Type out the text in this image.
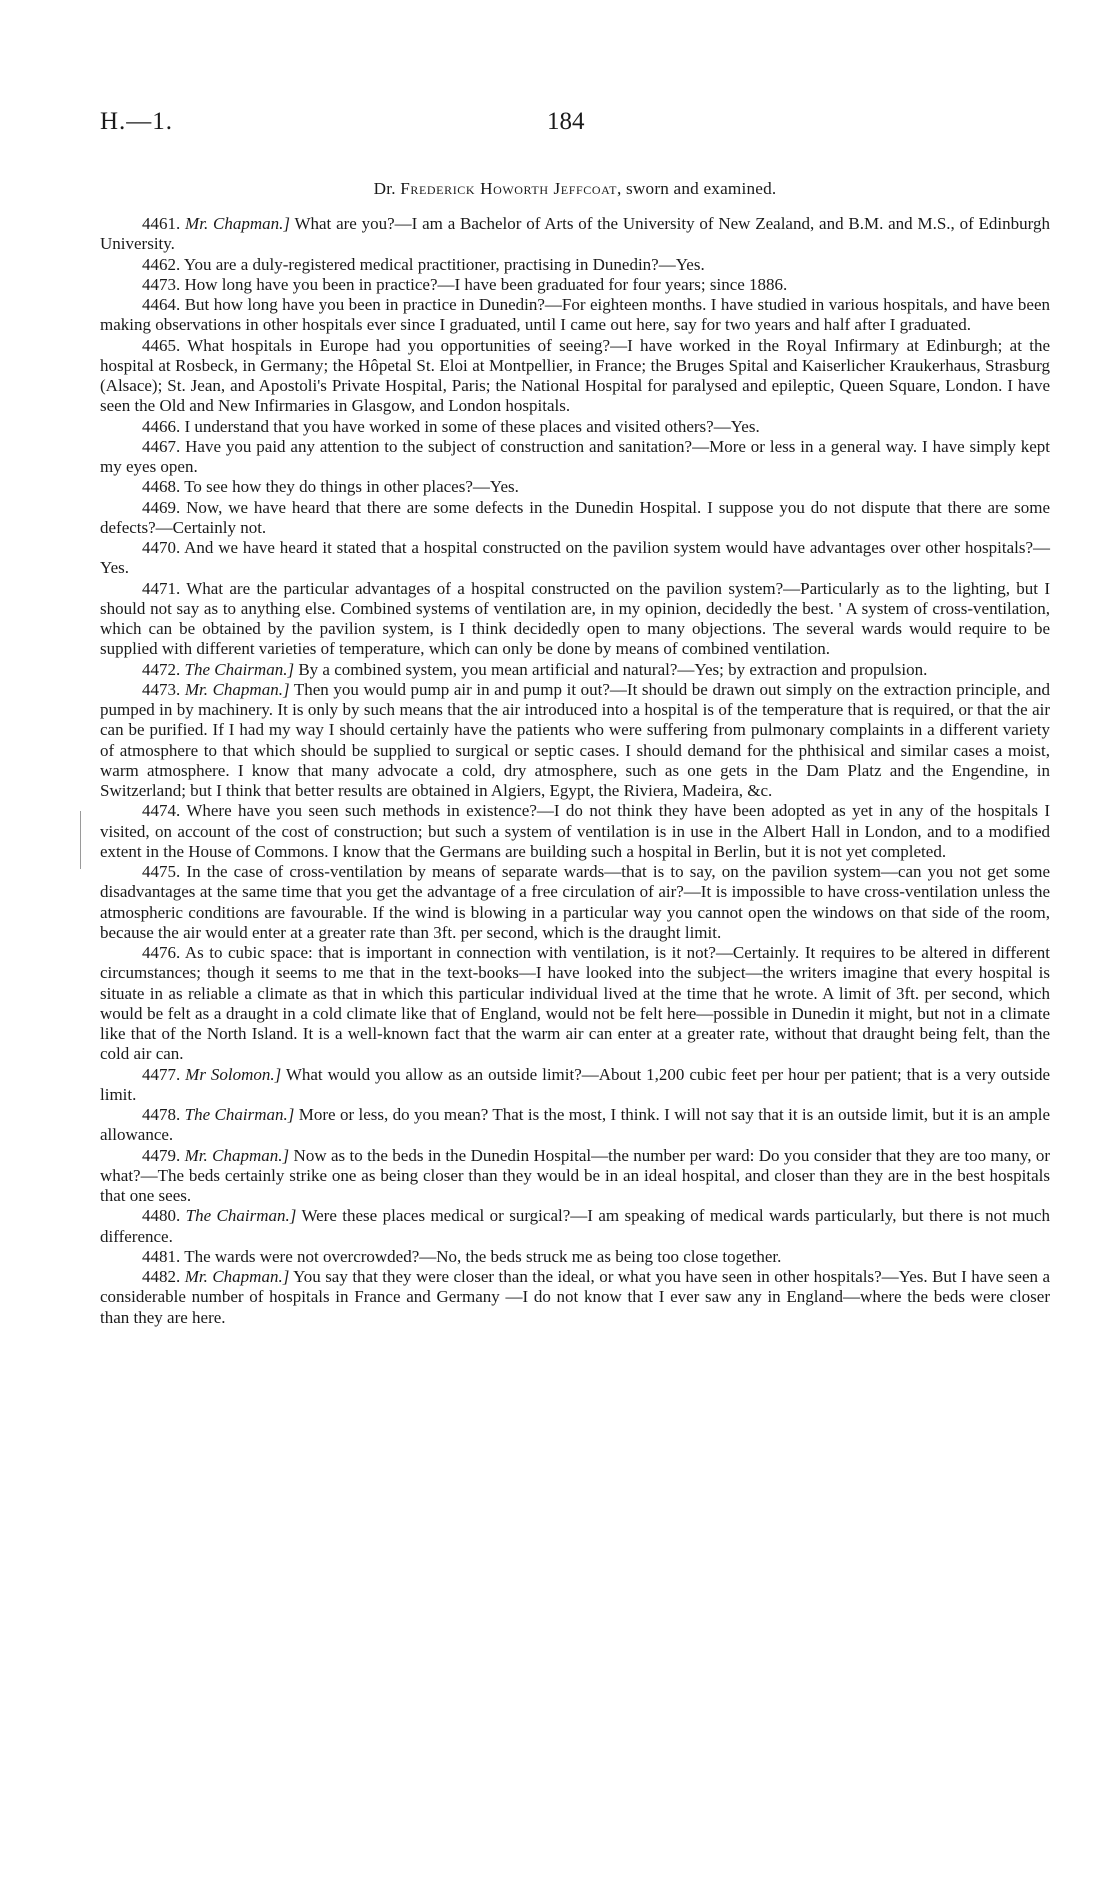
H.—1.	184
Dr. Frederick Howorth Jeffcoat, sworn and examined.

4461. Mr. Chapman.] What are you?—I am a Bachelor of Arts of the University of New Zealand, and B.M. and M.S., of Edinburgh University.

4462. You are a duly-registered medical practitioner, practising in Dunedin?—Yes.

4473. How long have you been in practice?—I have been graduated for four years; since 1886.

4464. But how long have you been in practice in Dunedin?—For eighteen months. I have studied in various hospitals, and have been making observations in other hospitals ever since I graduated, until I came out here, say for two years and half after I graduated.

4465. What hospitals in Europe had you opportunities of seeing?—I have worked in the Royal Infirmary at Edinburgh; at the hospital at Rosbeck, in Germany; the Hôpetal St. Eloi at Montpellier, in France; the Bruges Spital and Kaiserlicher Kraukerhaus, Strasburg (Alsace); St. Jean, and Apostoli's Private Hospital, Paris; the National Hospital for paralysed and epileptic, Queen Square, London. I have seen the Old and New Infirmaries in Glasgow, and London hospitals.

4466. I understand that you have worked in some of these places and visited others?—Yes.

4467. Have you paid any attention to the subject of construction and sanitation?—More or less in a general way. I have simply kept my eyes open.

4468. To see how they do things in other places?—Yes.

4469. Now, we have heard that there are some defects in the Dunedin Hospital. I suppose you do not dispute that there are some defects?—Certainly not.

4470. And we have heard it stated that a hospital constructed on the pavilion system would have advantages over other hospitals?—Yes.

4471. What are the particular advantages of a hospital constructed on the pavilion system?—Particularly as to the lighting, but I should not say as to anything else. Combined systems of ventilation are, in my opinion, decidedly the best. ' A system of cross-ventilation, which can be obtained by the pavilion system, is I think decidedly open to many objections. The several wards would require to be supplied with different varieties of temperature, which can only be done by means of combined ventilation.

4472. The Chairman.] By a combined system, you mean artificial and natural?—Yes; by extraction and propulsion.

4473. Mr. Chapman.] Then you would pump air in and pump it out?—It should be drawn out simply on the extraction principle, and pumped in by machinery. It is only by such means that the air introduced into a hospital is of the temperature that is required, or that the air can be purified. If I had my way I should certainly have the patients who were suffering from pulmonary complaints in a different variety of atmosphere to that which should be supplied to surgical or septic cases. I should demand for the phthisical and similar cases a moist, warm atmosphere. I know that many advocate a cold, dry atmosphere, such as one gets in the Dam Platz and the Engendine, in Switzerland; but I think that better results are obtained in Algiers, Egypt, the Riviera, Madeira, &c.

4474. Where have you seen such methods in existence?—I do not think they have been adopted as yet in any of the hospitals I visited, on account of the cost of construction; but such a system of ventilation is in use in the Albert Hall in London, and to a modified extent in the House of Commons. I know that the Germans are building such a hospital in Berlin, but it is not yet completed.

4475. In the case of cross-ventilation by means of separate wards—that is to say, on the pavilion system—can you not get some disadvantages at the same time that you get the advantage of a free circulation of air?—It is impossible to have cross-ventilation unless the atmospheric conditions are favourable. If the wind is blowing in a particular way you cannot open the windows on that side of the room, because the air would enter at a greater rate than 3ft. per second, which is the draught limit.

4476. As to cubic space: that is important in connection with ventilation, is it not?—Certainly. It requires to be altered in different circumstances; though it seems to me that in the text-books—I have looked into the subject—the writers imagine that every hospital is situate in as reliable a climate as that in which this particular individual lived at the time that he wrote. A limit of 3ft. per second, which would be felt as a draught in a cold climate like that of England, would not be felt here—possible in Dunedin it might, but not in a climate like that of the North Island. It is a well-known fact that the warm air can enter at a greater rate, without that draught being felt, than the cold air can.

4477. Mr Solomon.] What would you allow as an outside limit?—About 1,200 cubic feet per hour per patient; that is a very outside limit.

4478. The Chairman.] More or less, do you mean? That is the most, I think. I will not say that it is an outside limit, but it is an ample allowance.

4479. Mr. Chapman.] Now as to the beds in the Dunedin Hospital—the number per ward: Do you consider that they are too many, or what?—The beds certainly strike one as being closer than they would be in an ideal hospital, and closer than they are in the best hospitals that one sees.

4480. The Chairman.] Were these places medical or surgical?—I am speaking of medical wards particularly, but there is not much difference.

4481. The wards were not overcrowded?—No, the beds struck me as being too close together.

4482. Mr. Chapman.] You say that they were closer than the ideal, or what you have seen in other hospitals?—Yes. But I have seen a considerable number of hospitals in France and Germany —I do not know that I ever saw any in England—where the beds were closer than they are here.
